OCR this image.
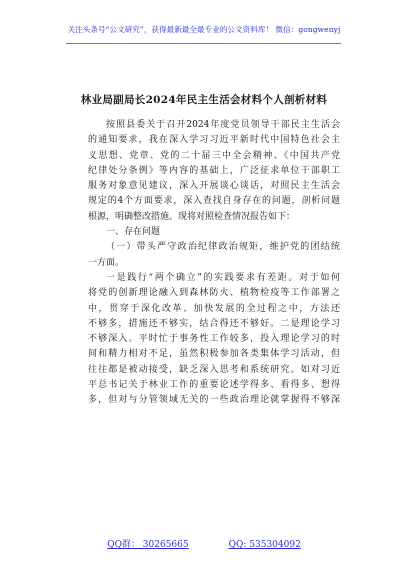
关注头条号“公文研究”，获得最新最全最专业的公文资料库！ 微信：gongwenyj
林业局副局长2024年民主生活会材料个人剖析材料
按照县委关于召开2024年度党员领导干部民主生活会
的通知要求，我在深入学习习近平新时代中国特色社会主
义思想、党章、党的二十届三中全会精神、《中国共产党
纪律处分条例》等内容的基础上，广泛征求单位干部职工
服务对象意见建议，深入开展谈心谈话，对照民主生活会
规定的4个方面要求，深入查找自身存在的问题，剖析问题
根源，明确整改措施。现将对照检查情况报告如下：
一、存在问题
（一）带头严守政治纪律政治规矩，维护党的团结统
一方面。
一是践行“两个确立”的实践要求有差距。对于如何
将党的创新理论融入到森林防火、植物检疫等工作部署之
中，贯穿于深化改革、加快发展的全过程之中，方法还
不够多，措施还不够实，结合得还不够好。二是理论学习
不够深入。平时忙于事务性工作较多，投入理论学习的时
间和精力相对不足，虽然积极参加各类集体学习活动，但
往往都是被动接受，缺乏深入思考和系统研究。如对习近
平总书记关于林业工作的重要论述学得多、看得多、想得
多，但对与分管领域无关的一些政治理论就掌握得不够深
QQ群： 30265665	QQ: 535304092
